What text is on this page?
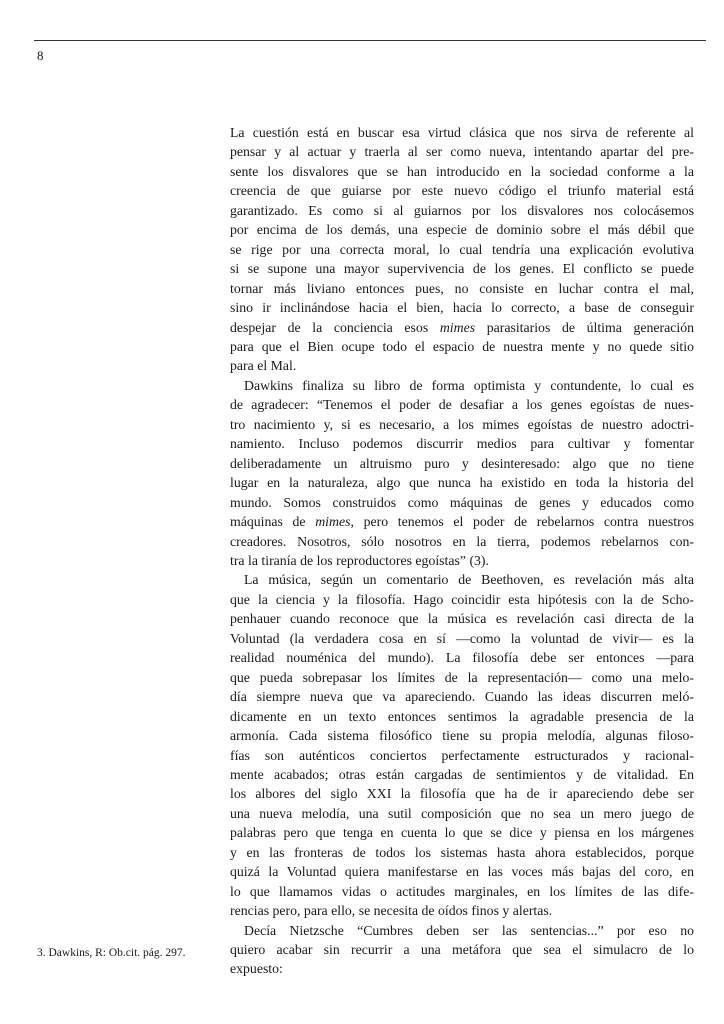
8

La cuestión está en buscar esa virtud clásica que nos sirva de referente al
pensar y al actuar y traerla al ser como nueva, intentando apartar del pre-
sente los disvalores que se han introducido en la sociedad conforme a la
creencia de que guiarse por este nuevo código el triunfo material está
garantizado. Es como si al guiarnos por los disvalores nos colocásemos
por encima de los demás, una especie de dominio sobre el más débil que
se rige por una correcta moral, lo cual tendría una explicación evolutiva
si se supone una mayor supervivencia de los genes. El conflicto se puede
tornar más liviano entonces pues, no consiste en luchar contra el mal,
sino ir inclinándose hacia el bien, hacia lo correcto, a base de conseguir
despejar de la conciencia esos mimes parasitarios de última generación
para que el Bien ocupe todo el espacio de nuestra mente y no quede sitio
para el Mal.

Dawkins finaliza su libro de forma optimista y contundente, lo cual es
de agradecer: “Tenemos el poder de desafiar a los genes egoístas de nues-
tro nacimiento y, si es necesario, a los mimes egoístas de nuestro adoctri-
namiento. Incluso podemos discurrir medios para cultivar y fomentar
deliberadamente un altruismo puro y desinteresado: algo que no tiene
lugar en la naturaleza, algo que nunca ha existido en toda la historia del
mundo. Somos construidos como máquinas de genes y educados como
máquinas de mimes, pero tenemos el poder de rebelarnos contra nuestros
creadores. Nosotros, sólo nosotros en la tierra, podemos rebelarnos con-
tra la tiranía de los reproductores egoístas” (3).

La música, según un comentario de Beethoven, es revelación más alta
que la ciencia y la filosofía. Hago coincidir esta hipótesis con la de Scho-
penhauer cuando reconoce que la música es revelación casi directa de la
Voluntad (la verdadera cosa en sí —como la voluntad de vivir— es la
realidad nouménica del mundo). La filosofía debe ser entonces —para
que pueda sobrepasar los límites de la representación— como una melo-
día siempre nueva que va apareciendo. Cuando las ideas discurren meló-
dicamente en un texto entonces sentimos la agradable presencia de la
armonía. Cada sistema filosófico tiene su propia melodía, algunas filoso-
fías son auténticos conciertos perfectamente estructurados y racional-
mente acabados; otras están cargadas de sentimientos y de vitalidad. En
los albores del siglo XXI la filosofía que ha de ir apareciendo debe ser
una nueva melodía, una sutil composición que no sea un mero juego de
palabras pero que tenga en cuenta lo que se dice y piensa en los márgenes
y en las fronteras de todos los sistemas hasta ahora establecidos, porque
quizá la Voluntad quiera manifestarse en las voces más bajas del coro, en
lo que llamamos vidas o actitudes marginales, en los límites de las dife-
rencias pero, para ello, se necesita de oídos finos y alertas.

Decía Nietzsche “Cumbres deben ser las sentencias...” por eso no
quiero acabar sin recurrir a una metáfora que sea el simulacro de lo
expuesto:

3. Dawkins, R: Ob.cit. pág. 297.
